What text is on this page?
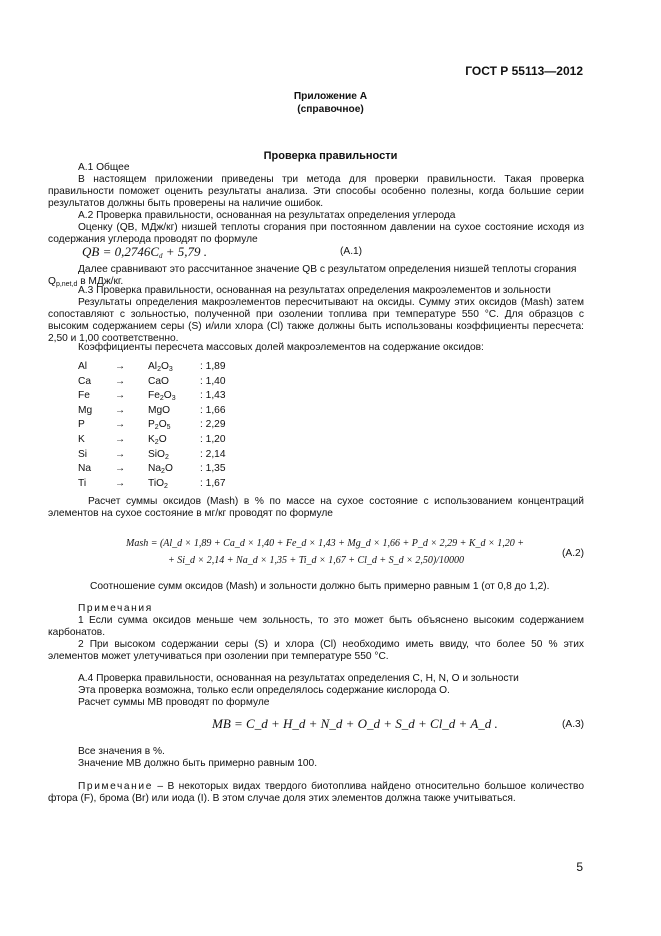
ГОСТ Р 55113—2012
Приложение А
(справочное)
Проверка правильности
А.1 Общее
В настоящем приложении приведены три метода для проверки правильности. Такая проверка правильности поможет оценить результаты анализа. Эти способы особенно полезны, когда большие серии результатов должны быть проверены на наличие ошибок.
А.2 Проверка правильности, основанная на результатах определения углерода
Оценку (QB, МДж/кг) низшей теплоты сгорания при постоянном давлении на сухое состояние исходя из содержания углерода проводят по формуле
QB = $0,2746C_d + 5,79$ .	(А.1)
Далее сравнивают это рассчитанное значение QB с результатом определения низшей теплоты сгорания
$Q_{p,net,d}$ в МДж/кг.
А.3 Проверка правильности, основанная на результатах определения макроэлементов и зольности
Результаты определения макроэлементов пересчитывают на оксиды. Сумму этих оксидов (Mash) затем сопоставляют с зольностью, полученной при озолении топлива при температуре 550 °С. Для образцов с высоким содержанием серы (S) и/или хлора (Cl) также должны быть использованы коэффициенты пересчета: 2,50 и 1,00 соответственно.
Коэффициенты пересчета массовых долей макроэлементов на содержание оксидов:
Al	→ $Al_2O_3$	: 1,89
Ca → CaO	: 1,40
$Fe \to Fe_2O_3$ : 1,43
Mg → MgO	: 1,66
P	→ $P_2O_5$	: 2,29
K	→ $K_2O$	: 1,20
Si	→ SiO$_2$	: 2,14
$Na \to Na_2O$	: 1,35
Ti	→ TiO$_2$	: 1,67
Расчет суммы оксидов (Mash) в % по массе на сухое состояние с использованием концентраций элементов на сухое состояние в мг/кг проводят по формуле
Mash = (Al_d × 1,89 + Ca_d × 1,40 + Fe_d × 1,43 + Mg_d × 1,66 + P_d × 2,29 + K_d × 1,20 +
+ Si_d × 2,14 + Na_d × 1,35 + Ti_d × 1,67 + Cl_d + S_d × 2,50)/10000
(А.2)
Соотношение сумм оксидов (Mash) и зольности должно быть примерно равным 1 (от 0,8 до 1,2).
Примечания
1 Если сумма оксидов меньше чем зольность, то это может быть объяснено высоким содержанием карбонатов.
2 При высоком содержании серы (S) и хлора (Cl) необходимо иметь ввиду, что более 50 % этих элементов может улетучиваться при озолении при температуре 550 °С.
А.4 Проверка правильности, основанная на результатах определения С, H, N, O и зольности
Эта проверка возможна, только если определялось содержание кислорода О.
Расчет суммы MB проводят по формуле
MB = C_d + H_d + N_d + O_d + S_d + Cl_d + A_d .	(А.3)
Все значения в %.
Значение MB должно быть примерно равным 100.
Примечание – В некоторых видах твердого биотоплива найдено относительно большое количество фтора (F), брома (Br) или иода (I). В этом случае доля этих элементов должна также учитываться.
5
